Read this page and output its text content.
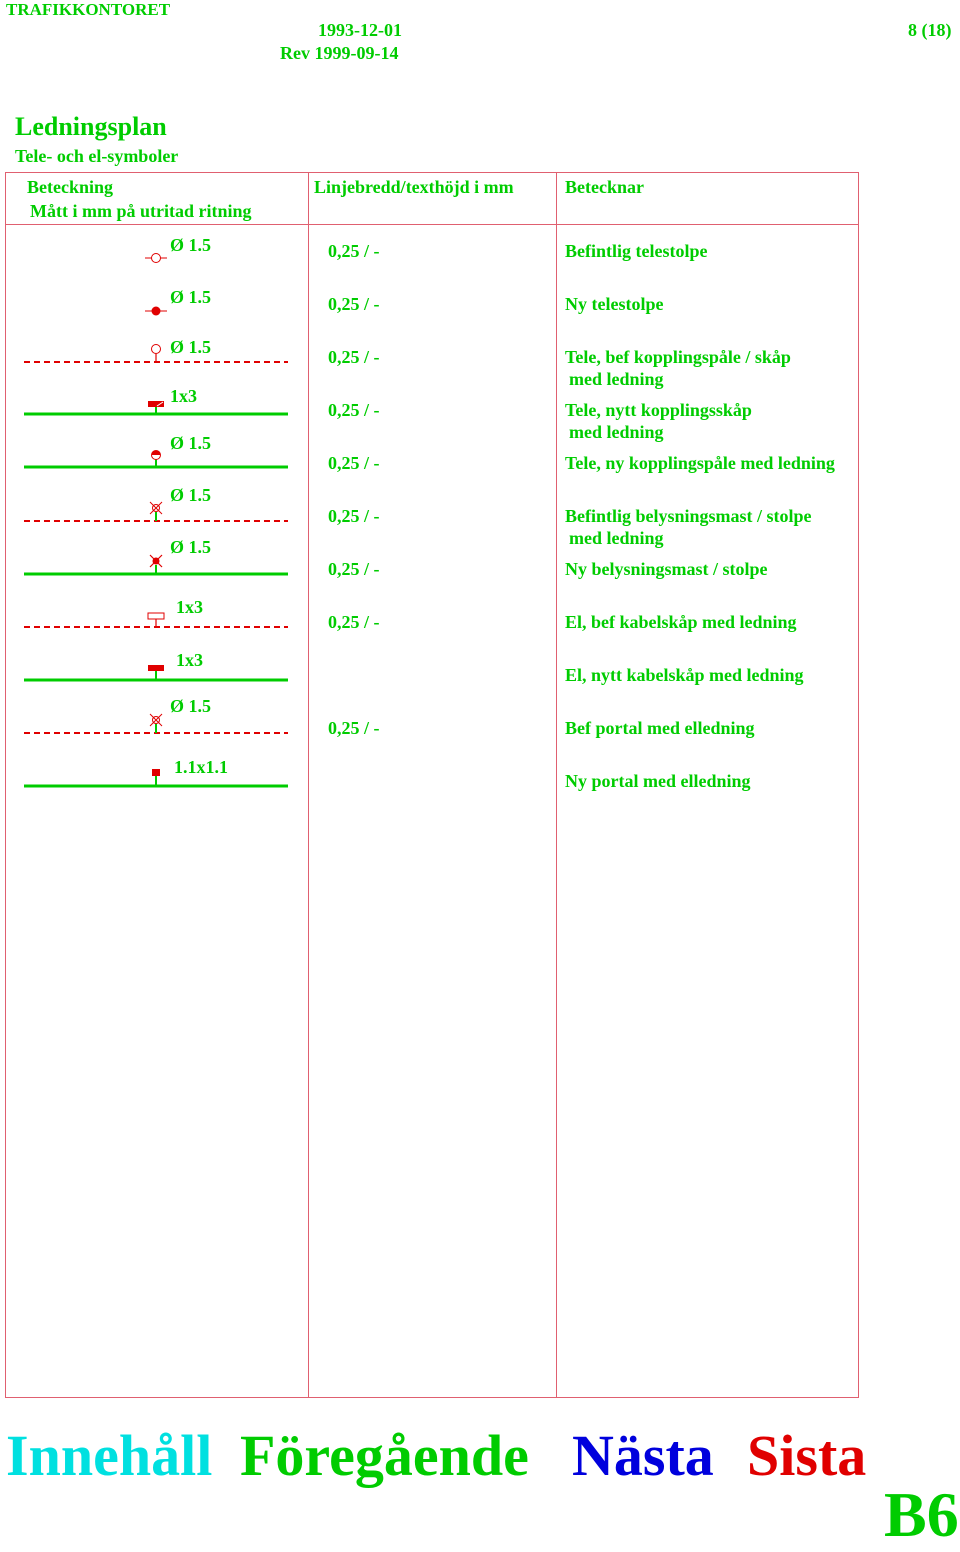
TRAFIKKONTORET
1993-12-01
Rev 1999-09-14
8 (18)
Ledningsplan
Tele- och el-symboler
Beteckning
Mått i mm på utritad ritning
Linjebredd/texthöjd i mm	Betecknar
Ø 1.5
Ø 1.5
Ø 1.5
1x3
Ø 1.5
Ø 1.5
Ø 1.5
1x3
1x3
Ø 1.5
1.1x1.1
0,25 / -
0,25 / -
0,25 / -
0,25 / -
0,25 / -
0,25 / -
0,25 / -
0,25 / -
0,25 / -
Befintlig telestolpe
Ny telestolpe
Tele, bef kopplingspåle / skåp
med ledning
Tele, nytt kopplingsskåp
med ledning
Tele, ny kopplingspåle med ledning
Befintlig belysningsmast / stolpe
med ledning
Ny belysningsmast / stolpe
El, bef kabelskåp med ledning
El, nytt kabelskåp med ledning
Bef portal med elledning
Ny portal med elledning
Innehåll Föregående Nästa Sista
B6
